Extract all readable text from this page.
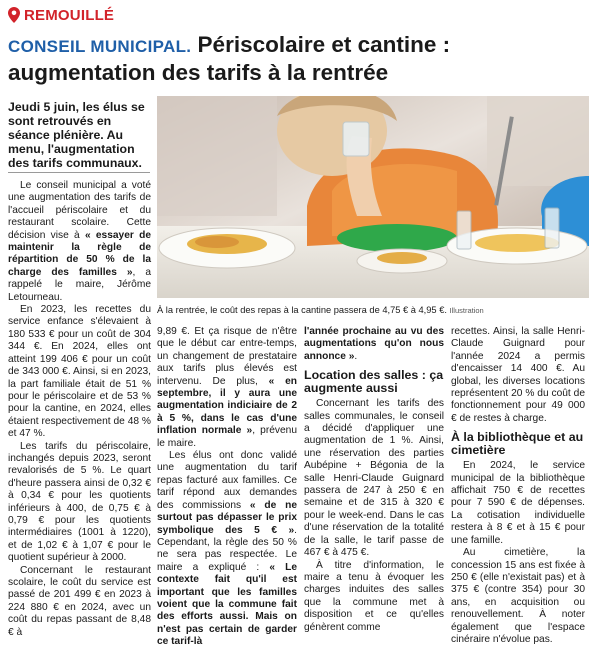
REMOUILLÉ
CONSEIL MUNICIPAL. Périscolaire et cantine : augmentation des tarifs à la rentrée
Jeudi 5 juin, les élus se sont retrouvés en séance plénière. Au menu, l'augmentation des tarifs communaux.
À la rentrée, le coût des repas à la cantine passera de 4,75 € à 4,95 €. Illustration

Le conseil municipal a voté une augmentation des tarifs de l'accueil périscolaire et du restaurant scolaire. Cette décision vise à « essayer de maintenir la règle de répartition de 50 % de la charge des familles », a rappelé le maire, Jérôme Letourneau.

En 2023, les recettes du service enfance s'élevaient à 180 533 € pour un coût de 304 344 €. En 2024, elles ont atteint 199 406 € pour un coût de 343 000 €. Ainsi, si en 2023, la part familiale était de 51 % pour le périscolaire et de 53 % pour la cantine, en 2024, elles étaient respectivement de 48 % et 47 %.

Les tarifs du périscolaire, inchangés depuis 2023, seront revalorisés de 5 %. Le quart d'heure passera ainsi de 0,32 € à 0,34 € pour les quotients inférieurs à 400, de 0,75 € à 0,79 € pour les quotients intermédiaires (1001 à 1220), et de 1,02 € à 1,07 € pour le quotient supérieur à 2000.

Concernant le restaurant scolaire, le coût du service est passé de 201 499 € en 2023 à 224 880 € en 2024, avec un coût du repas passant de 8,48 € à

9,89 €. Et ça risque de n'être que le début car entre-temps, un changement de prestataire aux tarifs plus élevés est intervenu. De plus, « en septembre, il y aura une augmentation indiciaire de 2 à 5 %, dans le cas d'une inflation normale », prévenu le maire.

Les élus ont donc validé une augmentation du tarif repas facturé aux familles. Ce tarif répond aux demandes des commissions « de ne surtout pas dépasser le prix symbolique des 5 € ». Cependant, la règle des 50 % ne sera pas respectée. Le maire a expliqué : « Le contexte fait qu'il est important que les familles voient que la commune fait des efforts aussi. Mais on n'est pas certain de garder ce tarif-là

l'année prochaine au vu des augmentations qu'on nous annonce ».

Location des salles : ça augmente aussi

Concernant les tarifs des salles communales, le conseil a décidé d'appliquer une augmentation de 1 %. Ainsi, une réservation des parties Aubépine + Bégonia de la salle Henri-Claude Guignard passera de 247 à 250 € en semaine et de 315 à 320 € pour le week-end. Dans le cas d'une réservation de la totalité de la salle, le tarif passe de 467 € à 475 €.

À titre d'information, le maire a tenu à évoquer les charges induites des salles que la commune met à disposition et ce qu'elles génèrent comme

recettes. Ainsi, la salle Henri-Claude Guignard pour l'année 2024 a permis d'encaisser 14 400 €. Au global, les diverses locations représentent 20 % du coût de fonctionnement pour 49 000 € de restes à charge.

À la bibliothèque et au cimetière

En 2024, le service municipal de la bibliothèque affichait 750 € de recettes pour 7 590 € de dépenses. La cotisation individuelle restera à 8 € et à 15 € pour une famille.

Au cimetière, la concession 15 ans est fixée à 250 € (elle n'existait pas) et à 375 € (contre 354) pour 30 ans, en acquisition ou renouvellement. À noter également que l'espace cinéraire n'évolue pas.
